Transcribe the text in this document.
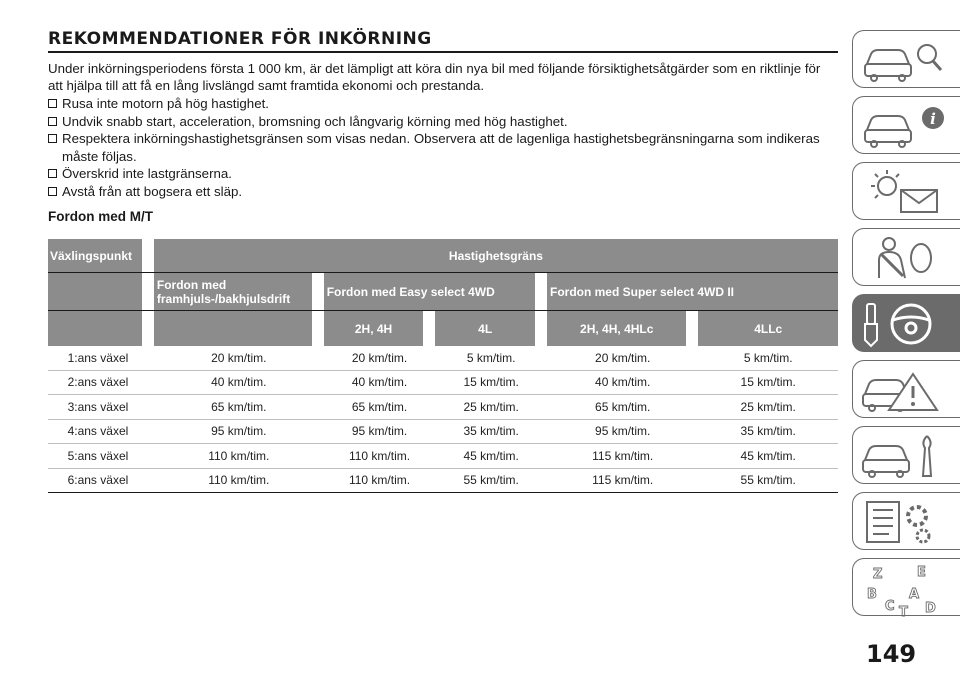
REKOMMENDATIONER FÖR INKÖRNING

Under inkörningsperiodens första 1 000 km, är det lämpligt att köra din nya bil med följande försiktighetsåtgärder som en riktlinje för att hjälpa till att få en lång livslängd samt framtida ekonomi och prestanda.

Rusa inte motorn på hög hastighet.
Undvik snabb start, acceleration, bromsning och långvarig körning med hög hastighet.
Respektera inkörningshastighetsgränsen som visas nedan. Observera att de lagenliga hastighetsbegränsningarna som indikeras måste följas.
Överskrid inte lastgränserna.
Avstå från att bogsera ett släp.
Fordon med M/T
Växlingspunkt		Hastighetsgräns								
		Fordon med framhjuls-/bakhjulsdrift		Fordon med Easy select 4WD				Fordon med Super select 4WD II		
				2H, 4H		4L		2H, 4H, 4HLc		4LLc
1:ans växel		20 km/tim.		20 km/tim.		5 km/tim.		20 km/tim.		5 km/tim.
2:ans växel		40 km/tim.		40 km/tim.		15 km/tim.		40 km/tim.		15 km/tim.
3:ans växel		65 km/tim.		65 km/tim.		25 km/tim.		65 km/tim.		25 km/tim.
4:ans växel		95 km/tim.		95 km/tim.		35 km/tim.		95 km/tim.		35 km/tim.
5:ans växel		110 km/tim.		110 km/tim.		45 km/tim.		115 km/tim.		45 km/tim.
6:ans växel		110 km/tim.		110 km/tim.		55 km/tim.		115 km/tim.		55 km/tim.
i
Z	E
B A
C T D
149
